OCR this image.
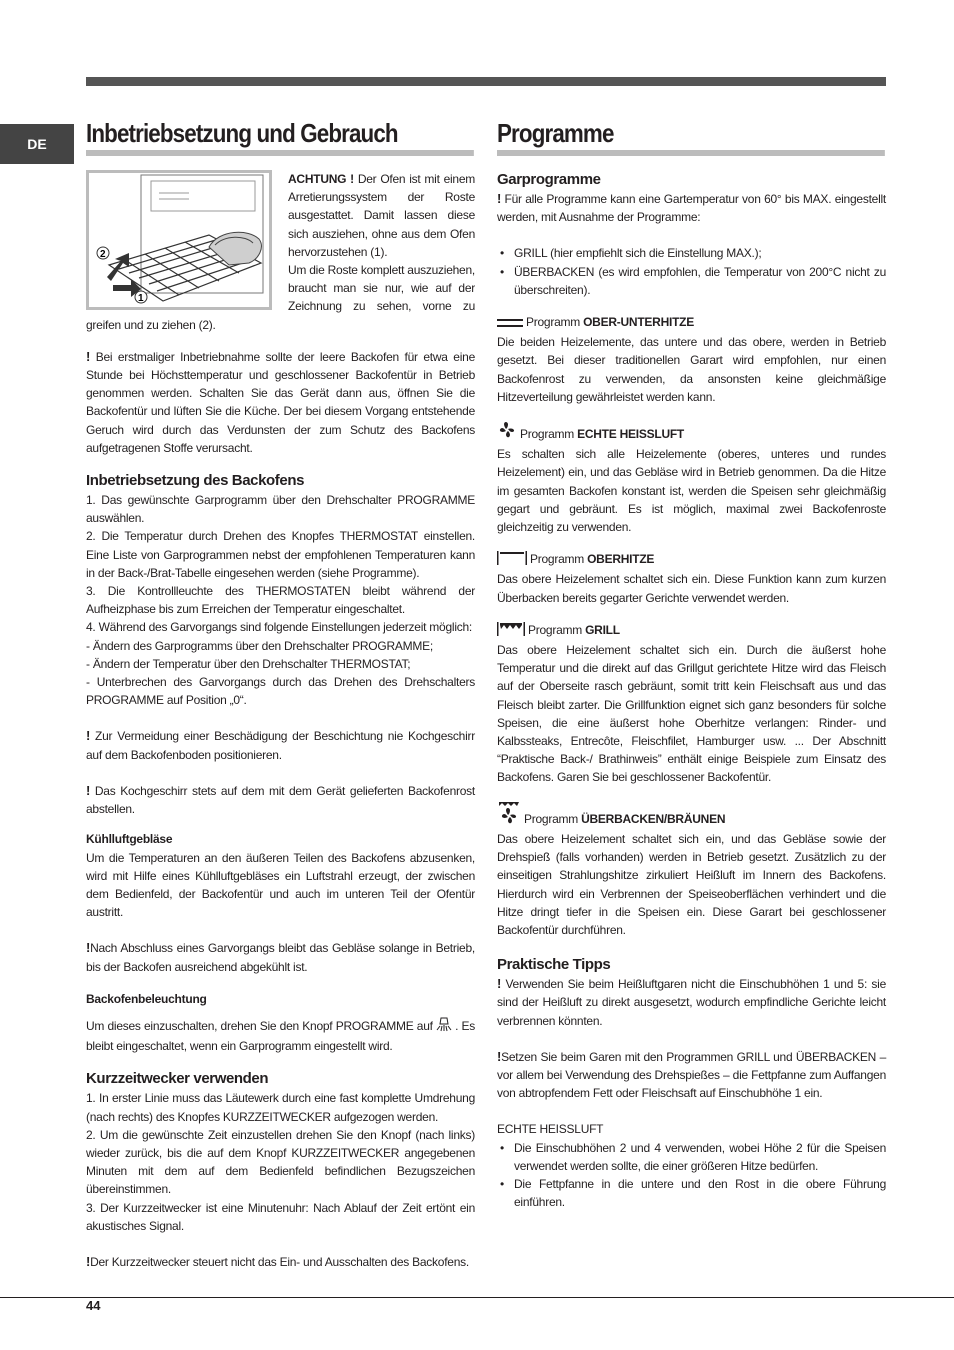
DE	Inbetriebsetzung und Gebrauch
2
1

ACHTUNG ! Der Ofen ist mit einem Arretierungssystem der Roste ausgestattet. Damit lassen diese sich ausziehen, ohne aus dem Ofen hervorzustehen (1).

Um die Roste komplett auszuziehen, braucht man sie nur, wie auf der Zeichnung zu sehen, vorne zu greifen und zu ziehen (2).

! Bei erstmaliger Inbetriebnahme sollte der leere Backofen für etwa eine Stunde bei Höchsttemperatur und geschlossener Backofentür in Betrieb genommen werden. Schalten Sie das Gerät dann aus, öffnen Sie die Backofentür und lüften Sie die Küche. Der bei diesem Vorgang entstehende Geruch wird durch das Verdunsten der zum Schutz des Backofens aufgetragenen Stoffe verursacht.

Inbetriebsetzung des Backofens

1. Das gewünschte Garprogramm über den Drehschalter PROGRAMME auswählen.

2. Die Temperatur durch Drehen des Knopfes THERMOSTAT einstellen. Eine Liste von Garprogrammen nebst der empfohlenen Temperaturen kann in der Back-/Brat-Tabelle eingesehen werden (siehe Programme).

3. Die Kontrollleuchte des THERMOSTATEN bleibt während der Aufheizphase bis zum Erreichen der Temperatur eingeschaltet.

4. Während des Garvorgangs sind folgende Einstellungen jederzeit möglich:

- Ändern des Garprogramms über den Drehschalter PROGRAMME;

- Ändern der Temperatur über den Drehschalter THERMOSTAT;

- Unterbrechen des Garvorgangs durch das Drehen des Drehschalters PROGRAMME auf Position „0“.

! Zur Vermeidung einer Beschädigung der Beschichtung nie Kochgeschirr auf dem Backofenboden positionieren.

! Das Kochgeschirr stets auf dem mit dem Gerät gelieferten Backofenrost abstellen.

Kühlluftgebläse

Um die Temperaturen an den äußeren Teilen des Backofens abzusenken, wird mit Hilfe eines Kühlluftgebläses ein Luftstrahl erzeugt, der zwischen dem Bedienfeld, der Backofentür und auch im unteren Teil der Ofentür austritt.

!Nach Abschluss eines Garvorgangs bleibt das Gebläse solange in Betrieb, bis der Backofen ausreichend abgekühlt ist.

Backofenbeleuchtung

Um dieses einzuschalten, drehen Sie den Knopf PROGRAMME auf . Es bleibt eingeschaltet, wenn ein Garprogramm eingestellt wird.

Kurzzeitwecker verwenden

1. In erster Linie muss das Läutewerk durch eine fast komplette Umdrehung (nach rechts) des Knopfes KURZZEITWECKER aufgezogen werden.

2. Um die gewünschte Zeit einzustellen drehen Sie den Knopf (nach links) wieder zurück, bis die auf dem Knopf KURZZEITWECKER angegebenen Minuten mit dem auf dem Bedienfeld befindlichen Bezugszeichen übereinstimmen.

3. Der Kurzzeitwecker ist eine Minutenuhr: Nach Ablauf der Zeit ertönt ein akustisches Signal.

!Der Kurzzeitwecker steuert nicht das Ein- und Ausschalten des Backofens.

Programme
Garprogramme

! Für alle Programme kann eine Gartemperatur von 60° bis MAX. eingestellt werden, mit Ausnahme der Programme:

• GRILL (hier empfiehlt sich die Einstellung MAX.);
• ÜBERBACKEN (es wird empfohlen, die Temperatur von 200°C nicht zu überschreiten).
Programm OBER-UNTERHITZE

Die beiden Heizelemente, das untere und das obere, werden in Betrieb gesetzt. Bei dieser traditionellen Garart wird empfohlen, nur einen Backofenrost zu verwenden, da ansonsten keine gleichmäßige Hitzeverteilung gewährleistet werden kann.

Programm ECHTE HEISSLUFT

Es schalten sich alle Heizelemente (oberes, unteres und rundes Heizelement) ein, und das Gebläse wird in Betrieb genommen. Da die Hitze im gesamten Backofen konstant ist, werden die Speisen sehr gleichmäßig gegart und gebräunt. Es ist möglich, maximal zwei Backofenroste gleichzeitig zu verwenden.

Programm OBERHITZE

Das obere Heizelement schaltet sich ein. Diese Funktion kann zum kurzen Überbacken bereits gegarter Gerichte verwendet werden.

Programm GRILL

Das obere Heizelement schaltet sich ein. Durch die äußerst hohe Temperatur und die direkt auf das Grillgut gerichtete Hitze wird das Fleisch auf der Oberseite rasch gebräunt, somit tritt kein Fleischsaft aus und das Fleisch bleibt zarter. Die Grillfunktion eignet sich ganz besonders für solche Speisen, die eine äußerst hohe Oberhitze verlangen: Rinder- und Kalbssteaks, Entrecôte, Fleischfilet, Hamburger usw. ... Der Abschnitt “Praktische Back-/ Brathinweis” enthält einige Beispiele zum Einsatz des Backofens. Garen Sie bei geschlossener Backofentür.

Programm ÜBERBACKEN/BRÄUNEN

Das obere Heizelement schaltet sich ein, und das Gebläse sowie der Drehspieß (falls vorhanden) werden in Betrieb gesetzt. Zusätzlich zu der einseitigen Strahlungshitze zirkuliert Heißluft im Innern des Backofens. Hierdurch wird ein Verbrennen der Speiseoberflächen verhindert und die Hitze dringt tiefer in die Speisen ein. Diese Garart bei geschlossener Backofentür durchführen.

Praktische Tipps

! Verwenden Sie beim Heißluftgaren nicht die Einschubhöhen 1 und 5: sie sind der Heißluft zu direkt ausgesetzt, wodurch empfindliche Gerichte leicht verbrennen könnten.

!Setzen Sie beim Garen mit den Programmen GRILL und ÜBERBACKEN – vor allem bei Verwendung des Drehspießes – die Fettpfanne zum Auffangen von abtropfendem Fett oder Fleischsaft auf Einschubhöhe 1 ein.

ECHTE HEISSLUFT
• Die Einschubhöhen 2 und 4 verwenden, wobei Höhe 2 für die Speisen verwendet werden sollte, die einer größeren Hitze bedürfen.
• Die Fettpfanne in die untere und den Rost in die obere Führung einführen.
44
